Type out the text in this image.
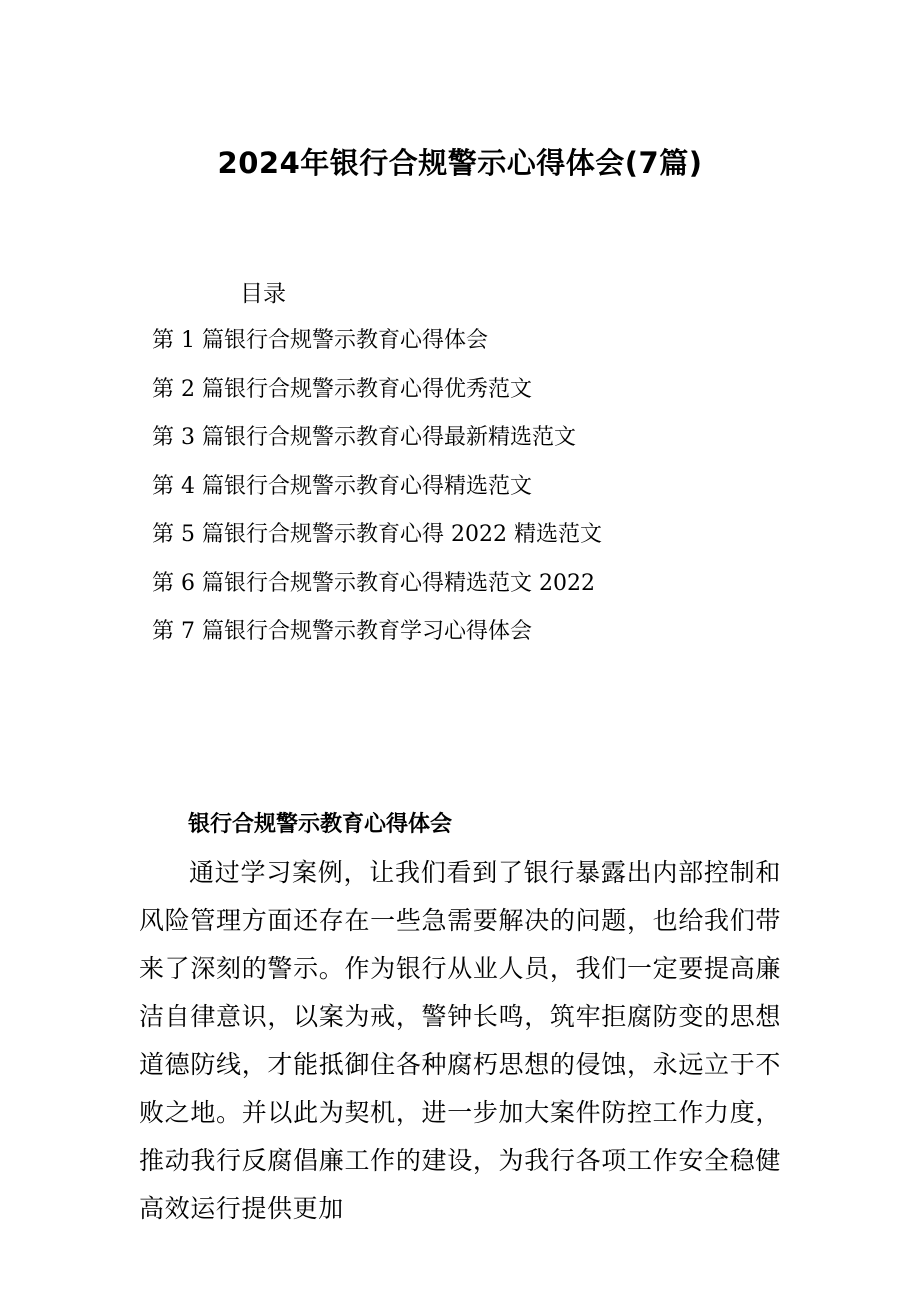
2024年银行合规警示心得体会(7篇)
目录
第 1 篇银行合规警示教育心得体会
第 2 篇银行合规警示教育心得优秀范文
第 3 篇银行合规警示教育心得最新精选范文
第 4 篇银行合规警示教育心得精选范文
第 5 篇银行合规警示教育心得 2022 精选范文
第 6 篇银行合规警示教育心得精选范文 2022
第 7 篇银行合规警示教育学习心得体会
银行合规警示教育心得体会

通过学习案例，让我们看到了银行暴露出内部控制和风险管理方面还存在一些急需要解决的问题，也给我们带来了深刻的警示。作为银行从业人员，我们一定要提高廉洁自律意识，以案为戒，警钟长鸣，筑牢拒腐防变的思想道德防线，才能抵御住各种腐朽思想的侵蚀，永远立于不败之地。并以此为契机，进一步加大案件防控工作力度，推动我行反腐倡廉工作的建设，为我行各项工作安全稳健高效运行提供更加
